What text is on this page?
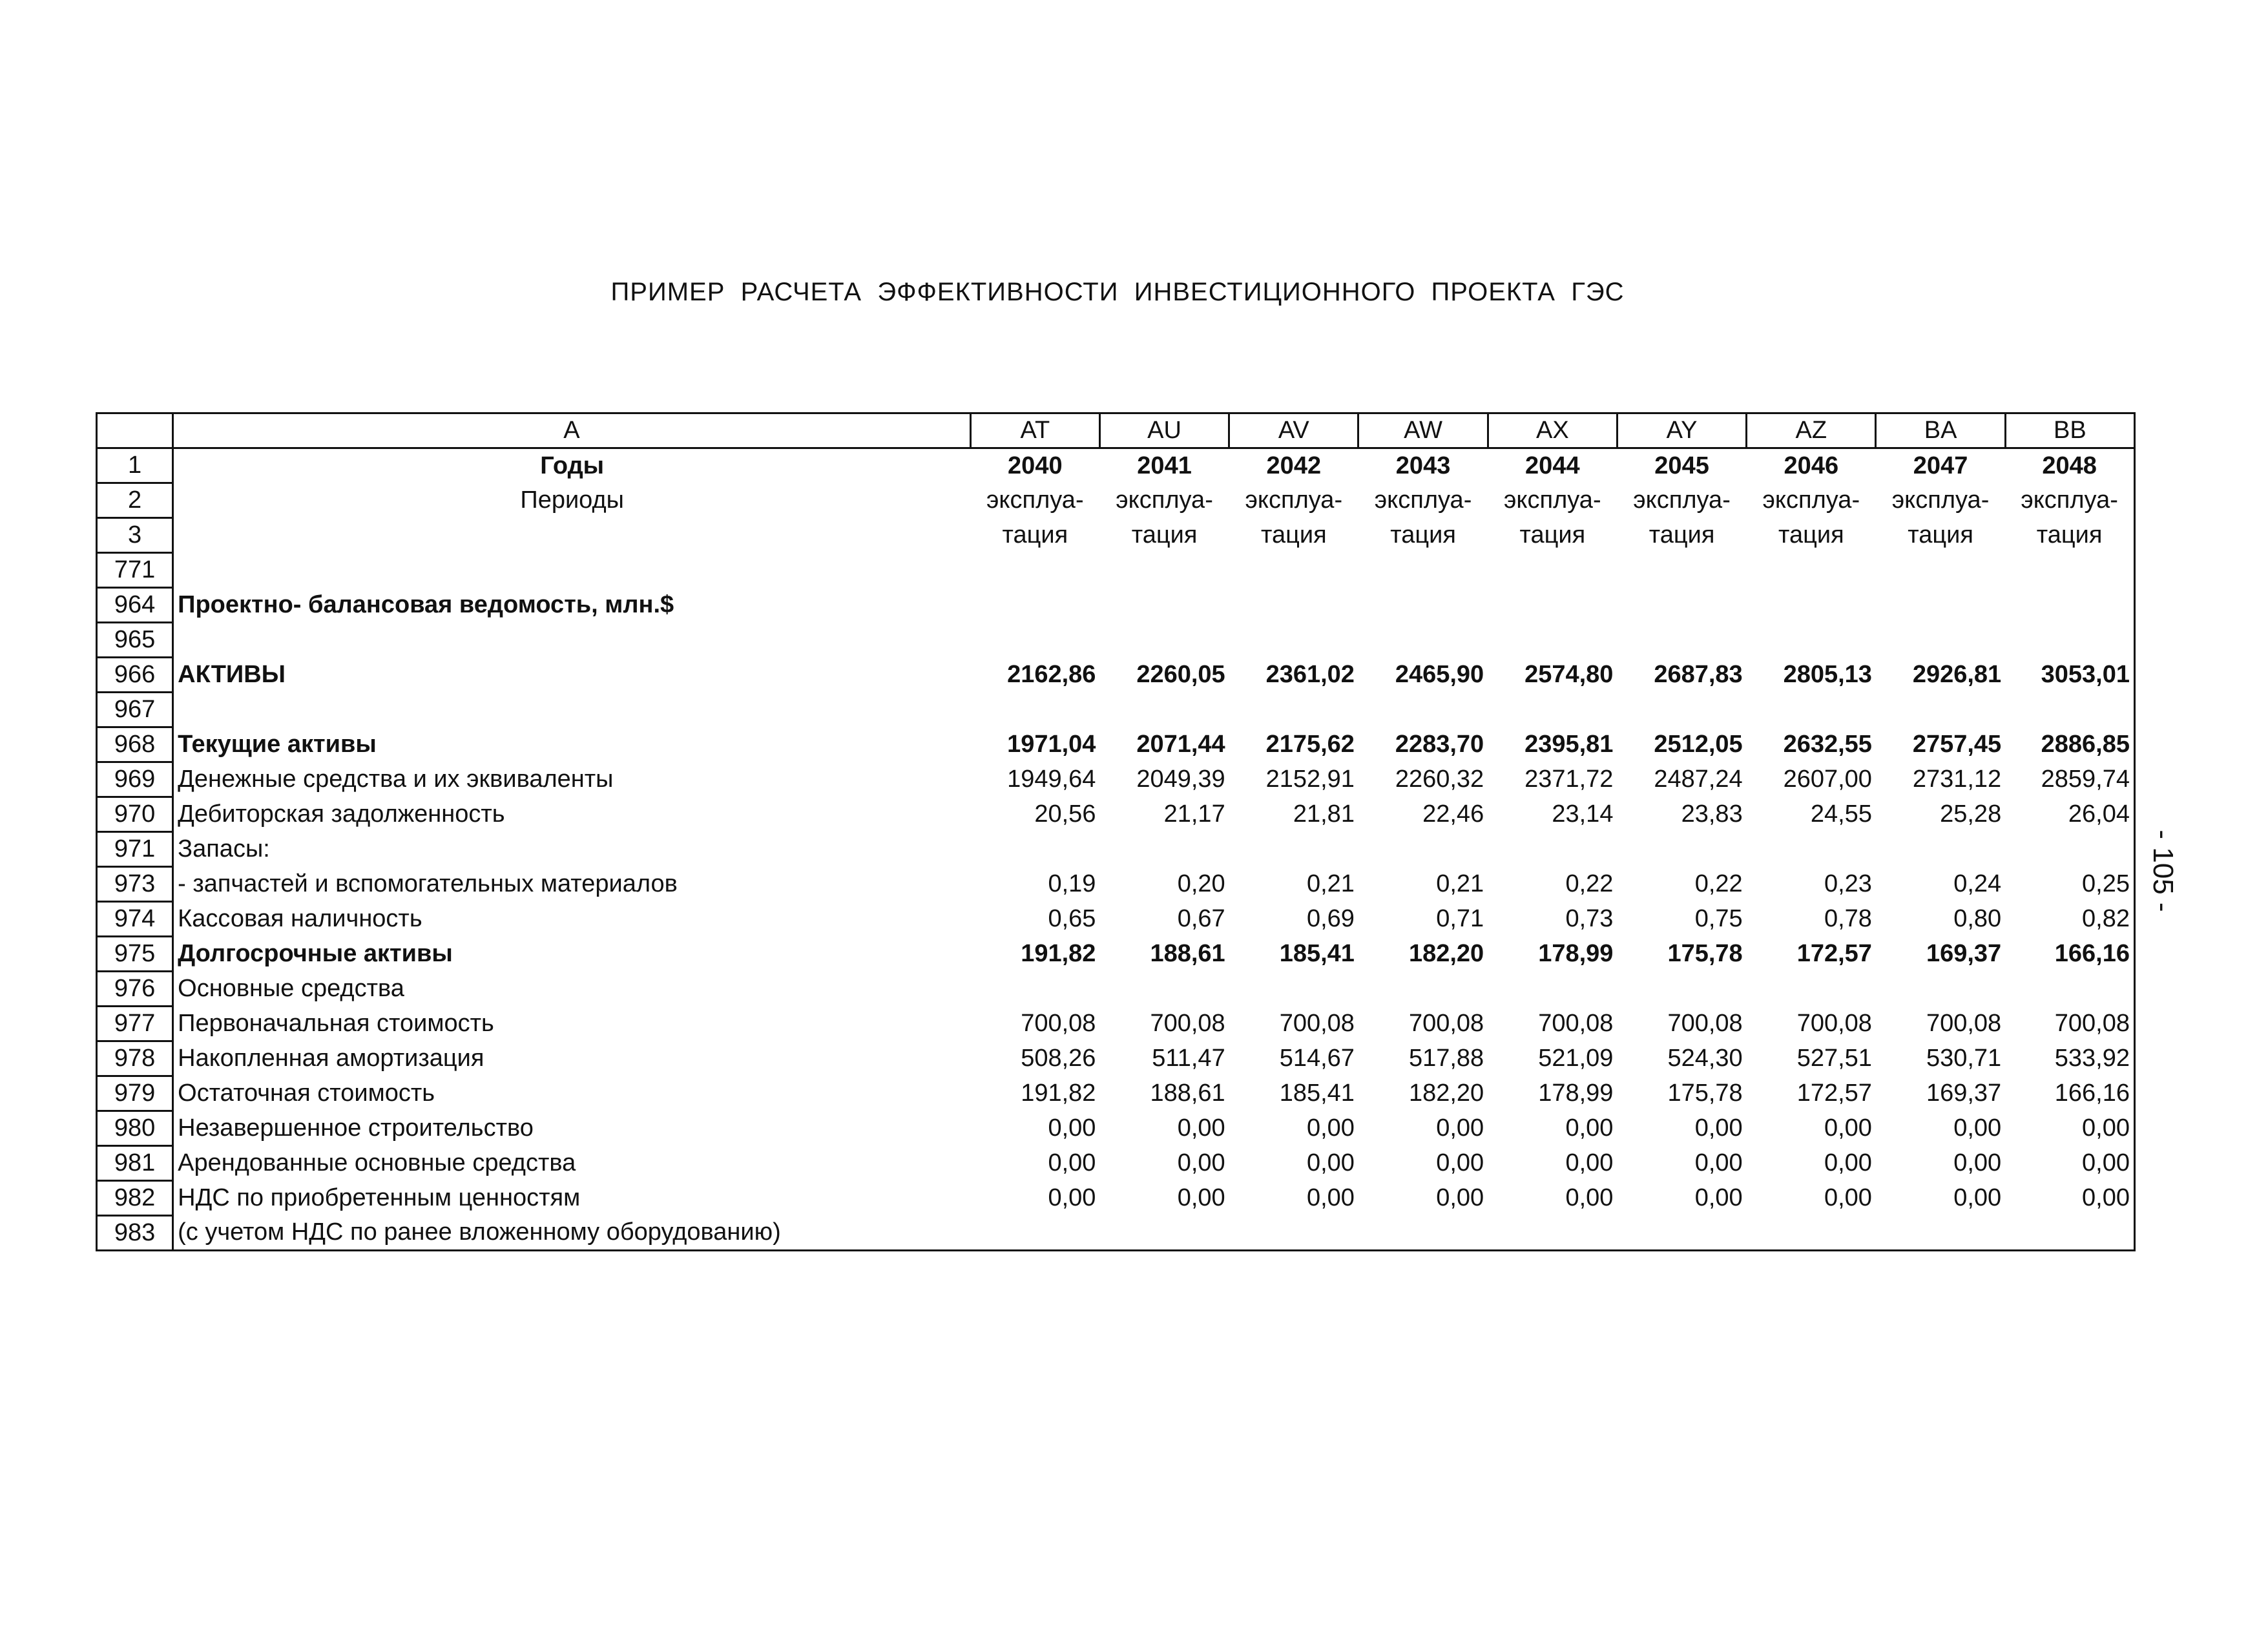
ПРИМЕР  РАСЧЕТА  ЭФФЕКТИВНОСТИ  ИНВЕСТИЦИОННОГО  ПРОЕКТА  ГЭС
	A	AT	AU	AV	AW	AX	AY	AZ	BA	BB
1	Годы	2040	2041	2042	2043	2044	2045	2046	2047	2048
2	Периоды	эксплуа-	эксплуа-	эксплуа-	эксплуа-	эксплуа-	эксплуа-	эксплуа-	эксплуа-	эксплуа-
3		тация	тация	тация	тация	тация	тация	тация	тация	тация
771										
964	Проектно- балансовая ведомость, млн.$									
965										
966	АКТИВЫ	2162,86	2260,05	2361,02	2465,90	2574,80	2687,83	2805,13	2926,81	3053,01
967										
968	Текущие активы	1971,04	2071,44	2175,62	2283,70	2395,81	2512,05	2632,55	2757,45	2886,85
969	Денежные средства и их эквиваленты	1949,64	2049,39	2152,91	2260,32	2371,72	2487,24	2607,00	2731,12	2859,74
970	Дебиторская задолженность	20,56	21,17	21,81	22,46	23,14	23,83	24,55	25,28	26,04
971	Запасы:									
973	- запчастей и вспомогательных материалов	0,19	0,20	0,21	0,21	0,22	0,22	0,23	0,24	0,25
974	Кассовая наличность	0,65	0,67	0,69	0,71	0,73	0,75	0,78	0,80	0,82
975	Долгосрочные активы	191,82	188,61	185,41	182,20	178,99	175,78	172,57	169,37	166,16
976	Основные средства									
977	Первоначальная стоимость	700,08	700,08	700,08	700,08	700,08	700,08	700,08	700,08	700,08
978	Накопленная амортизация	508,26	511,47	514,67	517,88	521,09	524,30	527,51	530,71	533,92
979	Остаточная стоимость	191,82	188,61	185,41	182,20	178,99	175,78	172,57	169,37	166,16
980	Незавершенное строительство	0,00	0,00	0,00	0,00	0,00	0,00	0,00	0,00	0,00
981	Арендованные основные средства	0,00	0,00	0,00	0,00	0,00	0,00	0,00	0,00	0,00
982	НДС по приобретенным ценностям	0,00	0,00	0,00	0,00	0,00	0,00	0,00	0,00	0,00
983	(с учетом НДС по ранее вложенному оборудованию)									
- 105 -
